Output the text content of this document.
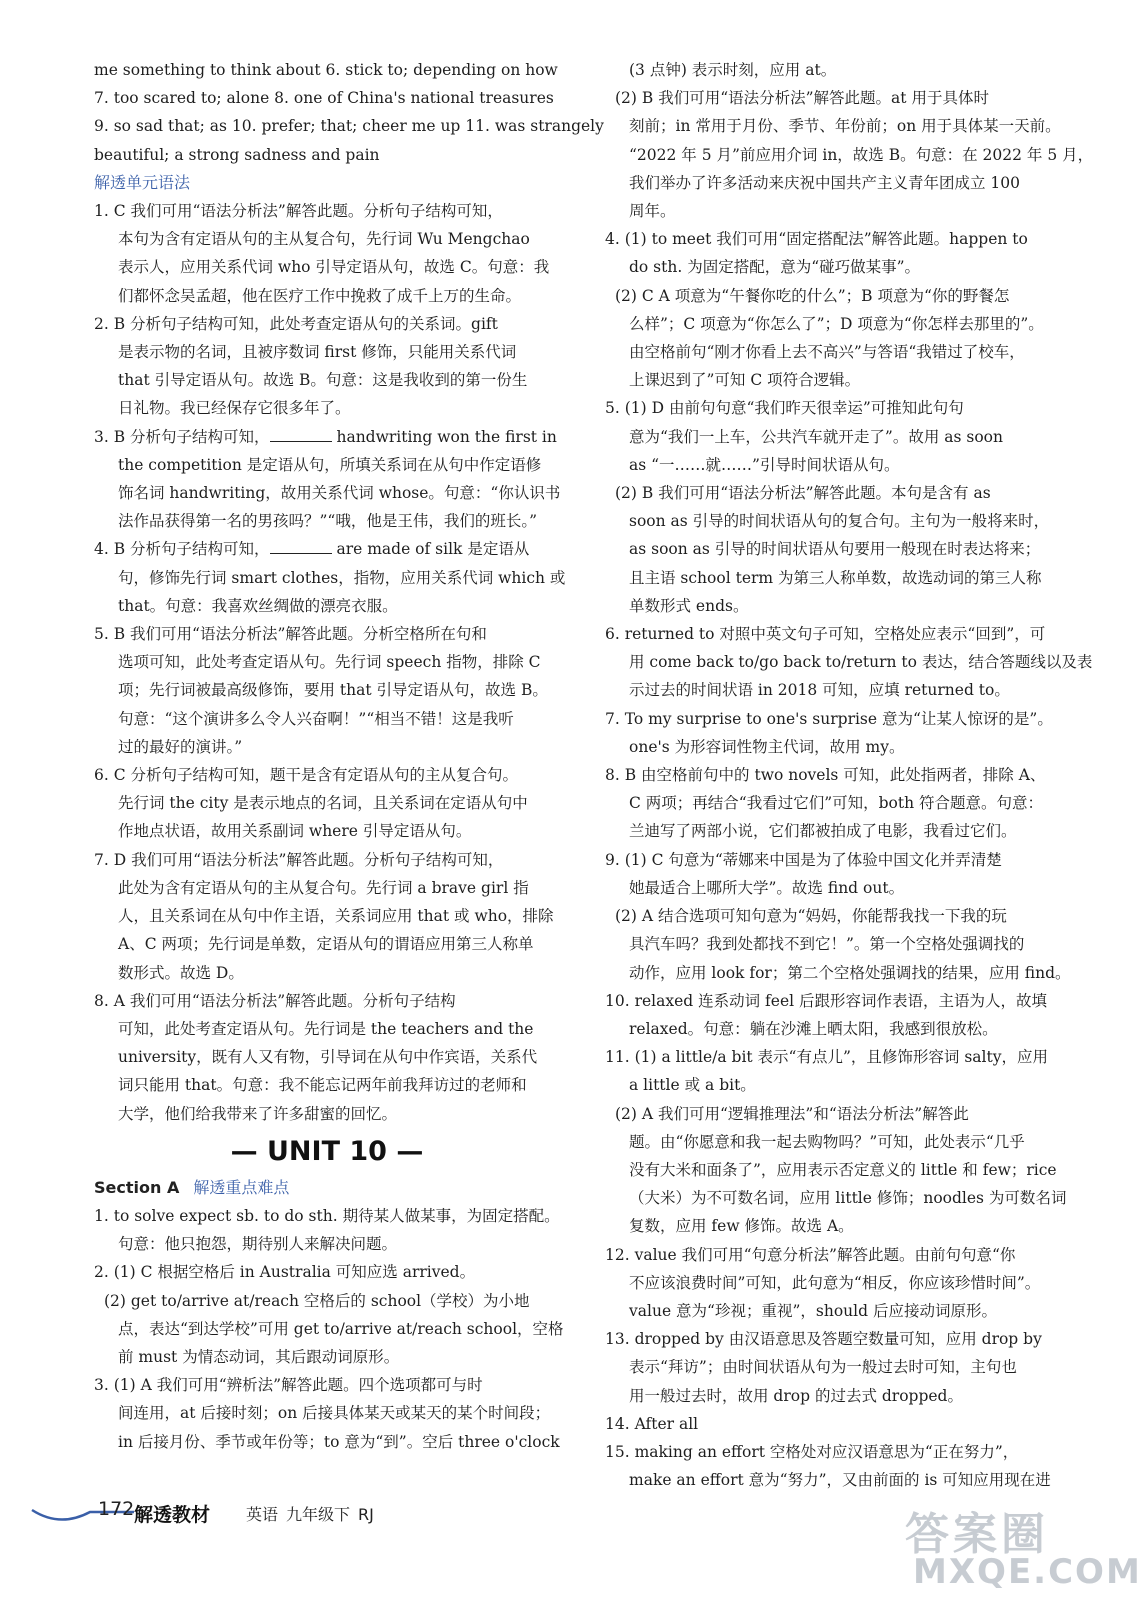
me something to think about 6. stick to; depending on how
7. too scared to; alone 8. one of China's national treasures
9. so sad that; as 10. prefer; that; cheer me up 11. was strangely
beautiful; a strong sadness and pain
解透单元语法
1. C 我们可用“语法分析法”解答此题。分析句子结构可知，
本句为含有定语从句的主从复合句，先行词 Wu Mengchao
表示人，应用关系代词 who 引导定语从句，故选 C。句意：我
们都怀念吴孟超，他在医疗工作中挽救了成千上万的生命。
2. B 分析句子结构可知，此处考查定语从句的关系词。gift
是表示物的名词，且被序数词 first 修饰，只能用关系代词
that 引导定语从句。故选 B。句意：这是我收到的第一份生
日礼物。我已经保存它很多年了。
3. B 分析句子结构可知，	handwriting won the first in
the competition 是定语从句，所填关系词在从句中作定语修
饰名词 handwriting，故用关系代词 whose。句意：“你认识书
法作品获得第一名的男孩吗？”“哦，他是王伟，我们的班长。”
4. B 分析句子结构可知，	are made of silk 是定语从
句，修饰先行词 smart clothes，指物，应用关系代词 which 或
that。句意：我喜欢丝绸做的漂亮衣服。
5. B 我们可用“语法分析法”解答此题。分析空格所在句和
选项可知，此处考查定语从句。先行词 speech 指物，排除 C
项；先行词被最高级修饰，要用 that 引导定语从句，故选 B。
句意：“这个演讲多么令人兴奋啊！”“相当不错！这是我听
过的最好的演讲。”
6. C 分析句子结构可知，题干是含有定语从句的主从复合句。
先行词 the city 是表示地点的名词，且关系词在定语从句中
作地点状语，故用关系副词 where 引导定语从句。
7. D 我们可用“语法分析法”解答此题。分析句子结构可知，
此处为含有定语从句的主从复合句。先行词 a brave girl 指
人，且关系词在从句中作主语，关系词应用 that 或 who，排除
A、C 两项；先行词是单数，定语从句的谓语应用第三人称单
数形式。故选 D。
8. A 我们可用“语法分析法”解答此题。分析句子结构
可知，此处考查定语从句。先行词是 the teachers and the
university，既有人又有物，引导词在从句中作宾语，关系代
词只能用 that。句意：我不能忘记两年前我拜访过的老师和
大学，他们给我带来了许多甜蜜的回忆。
— UNIT 10 —
Section A 解透重点难点
1. to solve expect sb. to do sth. 期待某人做某事，为固定搭配。
句意：他只抱怨，期待别人来解决问题。
2. (1) C 根据空格后 in Australia 可知应选 arrived。
(2) get to/arrive at/reach 空格后的 school（学校）为小地
点，表达“到达学校”可用 get to/arrive at/reach school，空格
前 must 为情态动词，其后跟动词原形。
3. (1) A 我们可用“辨析法”解答此题。四个选项都可与时
间连用，at 后接时刻；on 后接具体某天或某天的某个时间段；
in 后接月份、季节或年份等；to 意为“到”。空后 three o'clock
(3 点钟) 表示时刻，应用 at。
(2) B 我们可用“语法分析法”解答此题。at 用于具体时
刻前；in 常用于月份、季节、年份前；on 用于具体某一天前。
“2022 年 5 月”前应用介词 in，故选 B。句意：在 2022 年 5 月，
我们举办了许多活动来庆祝中国共产主义青年团成立 100
周年。
4. (1) to meet 我们可用“固定搭配法”解答此题。happen to
do sth. 为固定搭配，意为“碰巧做某事”。
(2) C A 项意为“午餐你吃的什么”；B 项意为“你的野餐怎
么样”；C 项意为“你怎么了”；D 项意为“你怎样去那里的”。
由空格前句“刚才你看上去不高兴”与答语“我错过了校车，
上课迟到了”可知 C 项符合逻辑。
5. (1) D 由前句句意“我们昨天很幸运”可推知此句句
意为“我们一上车，公共汽车就开走了”。故用 as soon
as “一……就……”引导时间状语从句。
(2) B 我们可用“语法分析法”解答此题。本句是含有 as
soon as 引导的时间状语从句的复合句。主句为一般将来时，
as soon as 引导的时间状语从句要用一般现在时表达将来；
且主语 school term 为第三人称单数，故选动词的第三人称
单数形式 ends。
6. returned to 对照中英文句子可知，空格处应表示“回到”，可
用 come back to/go back to/return to 表达，结合答题线以及表
示过去的时间状语 in 2018 可知，应填 returned to。
7. To my surprise to one's surprise 意为“让某人惊讶的是”。
one's 为形容词性物主代词，故用 my。
8. B 由空格前句中的 two novels 可知，此处指两者，排除 A、
C 两项；再结合“我看过它们”可知，both 符合题意。句意：
兰迪写了两部小说，它们都被拍成了电影，我看过它们。
9. (1) C 句意为“蒂娜来中国是为了体验中国文化并弄清楚
她最适合上哪所大学”。故选 find out。
(2) A 结合选项可知句意为“妈妈，你能帮我找一下我的玩
具汽车吗？我到处都找不到它！”。第一个空格处强调找的
动作，应用 look for；第二个空格处强调找的结果，应用 find。
10. relaxed 连系动词 feel 后跟形容词作表语，主语为人，故填
relaxed。句意：躺在沙滩上晒太阳，我感到很放松。
11. (1) a little/a bit 表示“有点儿”，且修饰形容词 salty，应用
a little 或 a bit。
(2) A 我们可用“逻辑推理法”和“语法分析法”解答此
题。由“你愿意和我一起去购物吗？”可知，此处表示“几乎
没有大米和面条了”，应用表示否定意义的 little 和 few；rice
（大米）为不可数名词，应用 little 修饰；noodles 为可数名词
复数，应用 few 修饰。故选 A。
12. value 我们可用“句意分析法”解答此题。由前句句意“你
不应该浪费时间”可知，此句意为“相反，你应该珍惜时间”。
value 意为“珍视；重视”，should 后应接动词原形。
13. dropped by 由汉语意思及答题空数量可知，应用 drop by
表示“拜访”；由时间状语从句为一般过去时可知，主句也
用一般过去时，故用 drop 的过去式 dropped。
14. After all
15. making an effort 空格处对应汉语意思为“正在努力”，
make an effort 意为“努力”，又由前面的 is 可知应用现在进
172 解透教材 英语 九年级下 RJ	答案圈
MXQE.COM
